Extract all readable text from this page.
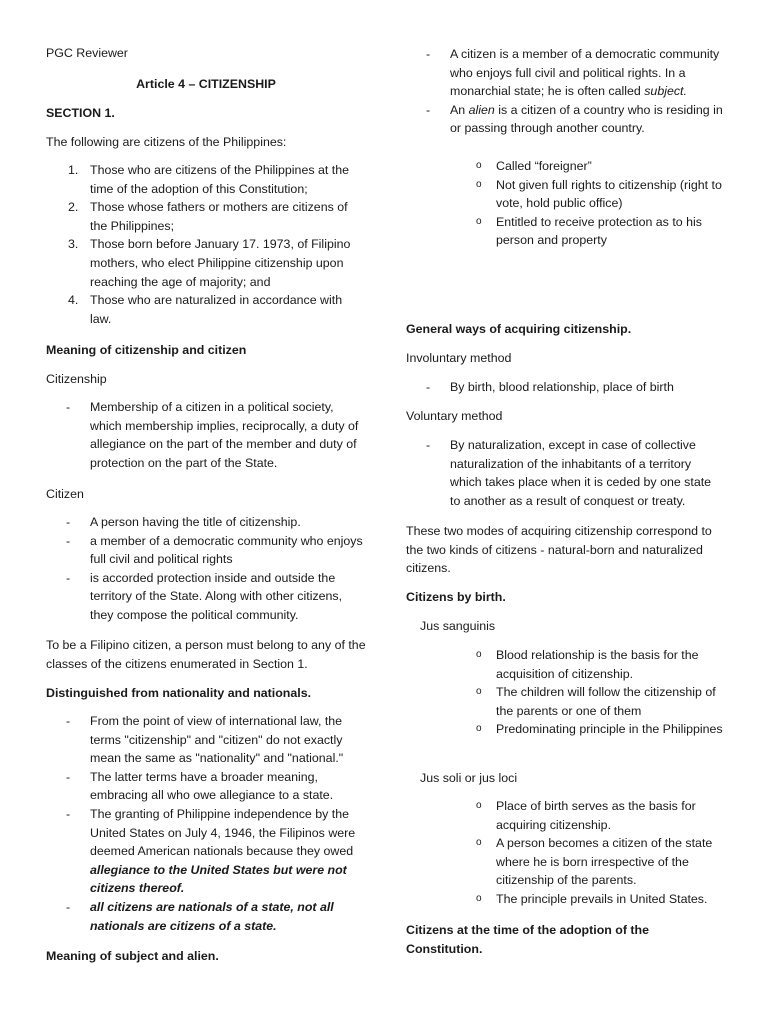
PGC Reviewer

Article 4 – CITIZENSHIP

SECTION 1.

The following are citizens of the Philippines:

1. Those who are citizens of the Philippines at the time of the adoption of this Constitution;
2. Those whose fathers or mothers are citizens of the Philippines;
3. Those born before January 17. 1973, of Filipino mothers, who elect Philippine citizenship upon reaching the age of majority; and
4. Those who are naturalized in accordance with law.

Meaning of citizenship and citizen

Citizenship

- Membership of a citizen in a political society, which membership implies, reciprocally, a duty of allegiance on the part of the member and duty of protection on the part of the State.

Citizen

- A person having the title of citizenship.
- a member of a democratic community who enjoys full civil and political rights
- is accorded protection inside and outside the territory of the State. Along with other citizens, they compose the political community.

To be a Filipino citizen, a person must belong to any of the classes of the citizens enumerated in Section 1.

Distinguished from nationality and nationals.

- From the point of view of international law, the terms "citizenship" and "citizen" do not exactly mean the same as "nationality" and "national."
- The latter terms have a broader meaning, embracing all who owe allegiance to a state.
- The granting of Philippine independence by the United States on July 4, 1946, the Filipinos were deemed American nationals because they owed allegiance to the United States but were not citizens thereof.
- all citizens are nationals of a state, not all nationals are citizens of a state.

Meaning of subject and alien.

- A citizen is a member of a democratic community who enjoys full civil and political rights. In a monarchial state; he is often called subject.
- An alien is a citizen of a country who is residing in or passing through another country.
o Called “foreigner”
o Not given full rights to citizenship (right to vote, hold public office)
o Entitled to receive protection as to his person and property

General ways of acquiring citizenship.

Involuntary method

- By birth, blood relationship, place of birth

Voluntary method

- By naturalization, except in case of collective naturalization of the inhabitants of a territory which takes place when it is ceded by one state to another as a result of conquest or treaty.

These two modes of acquiring citizenship correspond to the two kinds of citizens - natural-born and naturalized citizens.

Citizens by birth.

Jus sanguinis

o Blood relationship is the basis for the acquisition of citizenship.
o The children will follow the citizenship of the parents or one of them
o Predominating principle in the Philippines

Jus soli or jus loci

o Place of birth serves as the basis for acquiring citizenship.
o A person becomes a citizen of the state where he is born irrespective of the citizenship of the parents.
o The principle prevails in United States.

Citizens at the time of the adoption of the Constitution.
